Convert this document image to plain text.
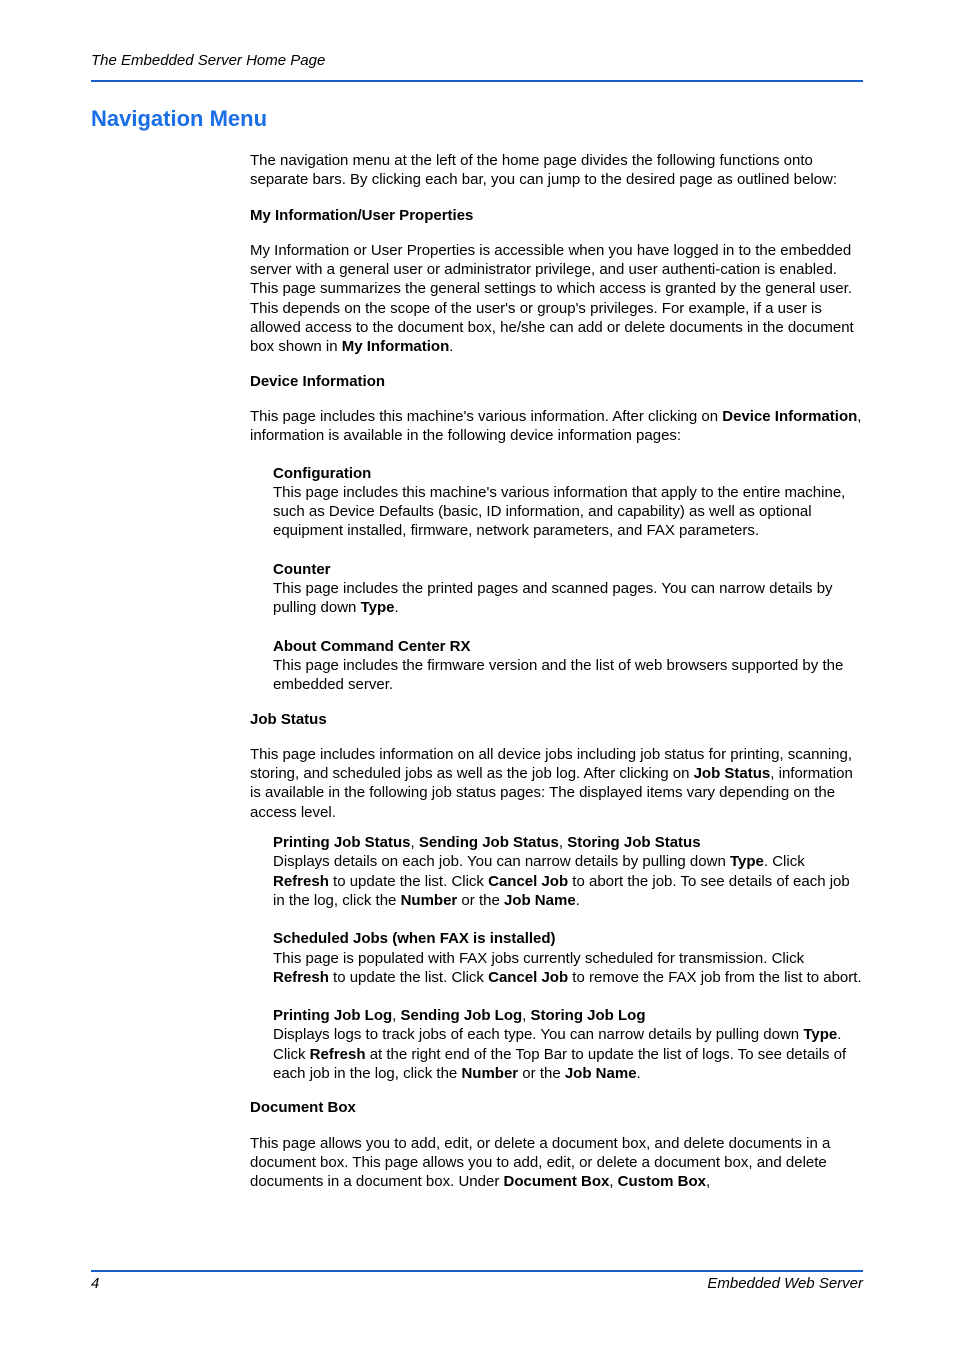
The Embedded Server Home Page
Navigation Menu

The navigation menu at the left of the home page divides the following functions onto separate bars. By clicking each bar, you can jump to the desired page as outlined below:

My Information/User Properties

My Information or User Properties is accessible when you have logged in to the embedded server with a general user or administrator privilege, and user authenti-cation is enabled. This page summarizes the general settings to which access is granted by the general user. This depends on the scope of the user's or group's privileges. For example, if a user is allowed access to the document box, he/she can add or delete documents in the document box shown in My Information.

Device Information

This page includes this machine's various information. After clicking on Device Information, information is available in the following device information pages:

Configuration
This page includes this machine's various information that apply to the entire machine, such as Device Defaults (basic, ID information, and capability) as well as optional equipment installed, firmware, network parameters, and FAX parameters.
Counter
This page includes the printed pages and scanned pages. You can narrow details by pulling down Type.
About Command Center RX
This page includes the firmware version and the list of web browsers supported by the embedded server.

Job Status

This page includes information on all device jobs including job status for printing, scanning, storing, and scheduled jobs as well as the job log. After clicking on Job Status, information is available in the following job status pages: The displayed items vary depending on the access level.

Printing Job Status, Sending Job Status, Storing Job Status
Displays details on each job. You can narrow details by pulling down Type. Click Refresh to update the list. Click Cancel Job to abort the job. To see details of each job in the log, click the Number or the Job Name.
Scheduled Jobs (when FAX is installed)
This page is populated with FAX jobs currently scheduled for transmission. Click Refresh to update the list. Click Cancel Job to remove the FAX job from the list to abort.
Printing Job Log, Sending Job Log, Storing Job Log
Displays logs to track jobs of each type. You can narrow details by pulling down Type. Click Refresh at the right end of the Top Bar to update the list of logs. To see details of each job in the log, click the Number or the Job Name.

Document Box

This page allows you to add, edit, or delete a document box, and delete documents in a document box. This page allows you to add, edit, or delete a document box, and delete documents in a document box. Under Document Box, Custom Box,

4	Embedded Web Server
